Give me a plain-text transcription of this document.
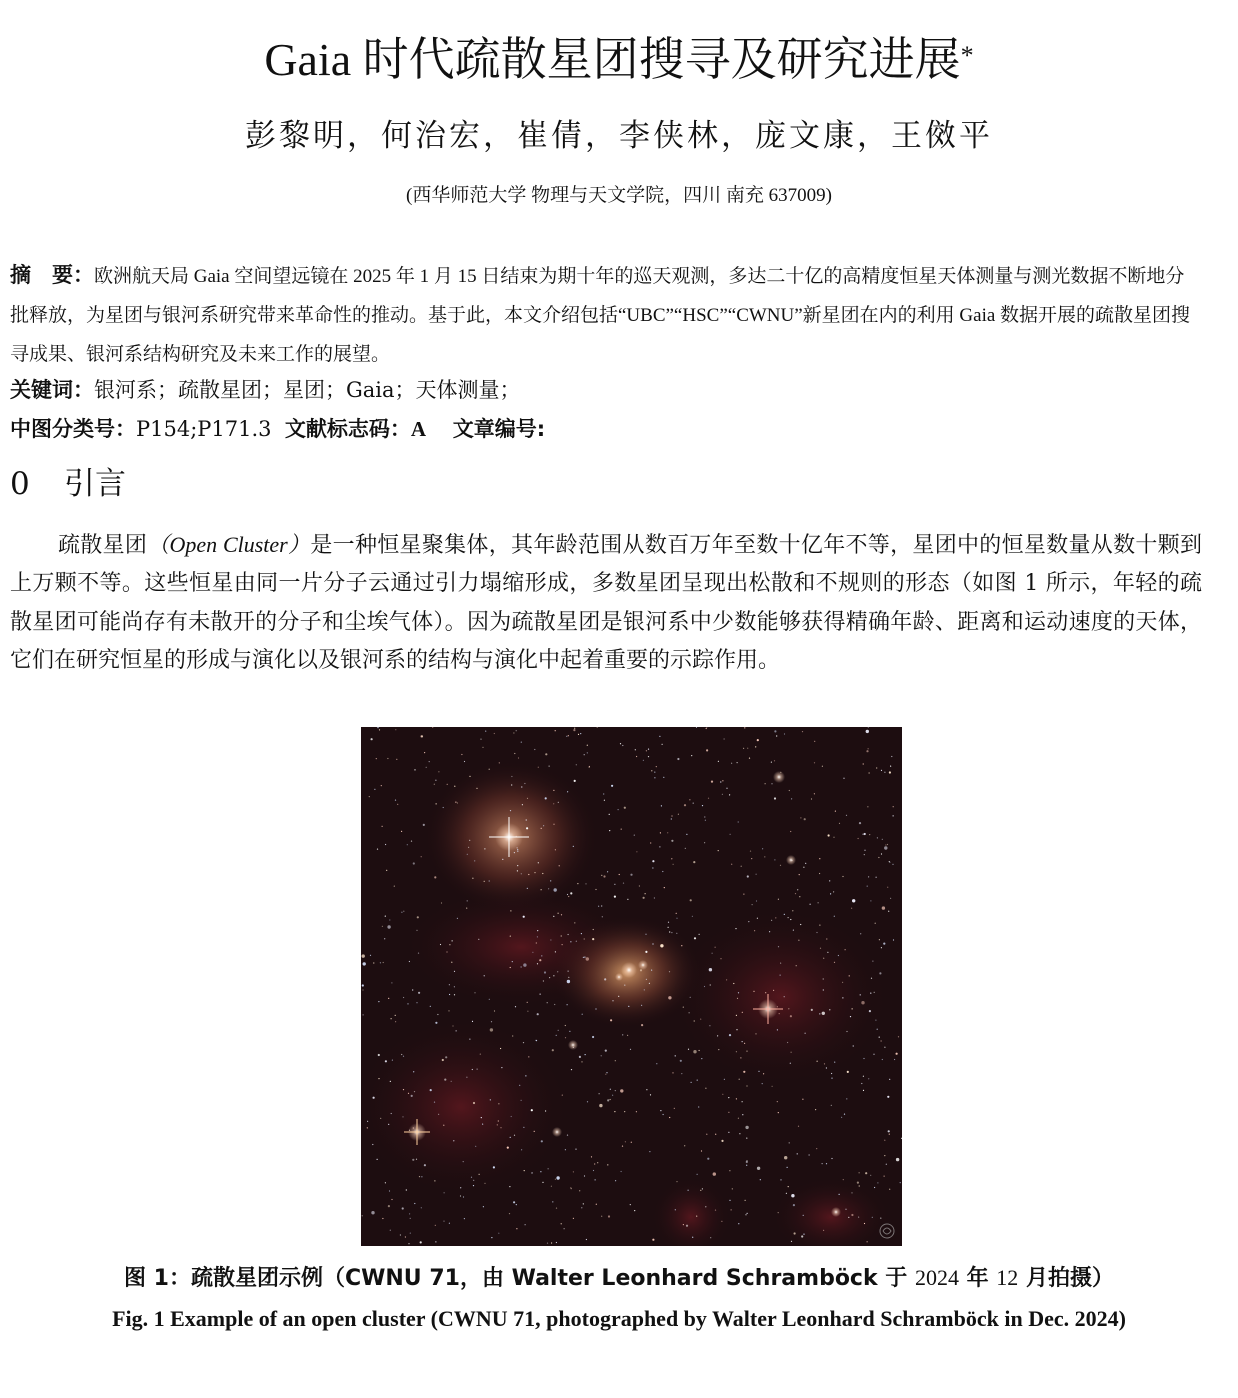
Gaia 时代疏散星团搜寻及研究进展*
彭黎明，何治宏，崔倩，李侠林，庞文康，王傚平
(西华师范大学 物理与天文学院，四川 南充 637009)
摘　要：欧洲航天局 Gaia 空间望远镜在 2025 年 1 月 15 日结束为期十年的巡天观测，多达二十亿的高精度恒星天体测量与测光数据不断地分批释放，为星团与银河系研究带来革命性的推动。基于此，本文介绍包括“UBC”“HSC”“CWNU”新星团在内的利用 Gaia 数据开展的疏散星团搜寻成果、银河系结构研究及未来工作的展望。
关键词：银河系；疏散星团；星团；Gaia；天体测量；
中图分类号：P154;P171.3 文献标志码：A 文章编号:
0 引言
疏散星团（Open Cluster）是一种恒星聚集体，其年龄范围从数百万年至数十亿年不等，星团中的恒星数量从数十颗到上万颗不等。这些恒星由同一片分子云通过引力塌缩形成，多数星团呈现出松散和不规则的形态（如图 1 所示，年轻的疏散星团可能尚存有未散开的分子和尘埃气体）。因为疏散星团是银河系中少数能够获得精确年龄、距离和运动速度的天体，它们在研究恒星的形成与演化以及银河系的结构与演化中起着重要的示踪作用。
图 1：疏散星团示例（CWNU 71，由 Walter Leonhard Schramböck 于 2024 年 12 月拍摄）
Fig. 1 Example of an open cluster (CWNU 71, photographed by Walter Leonhard Schramböck in Dec. 2024)
